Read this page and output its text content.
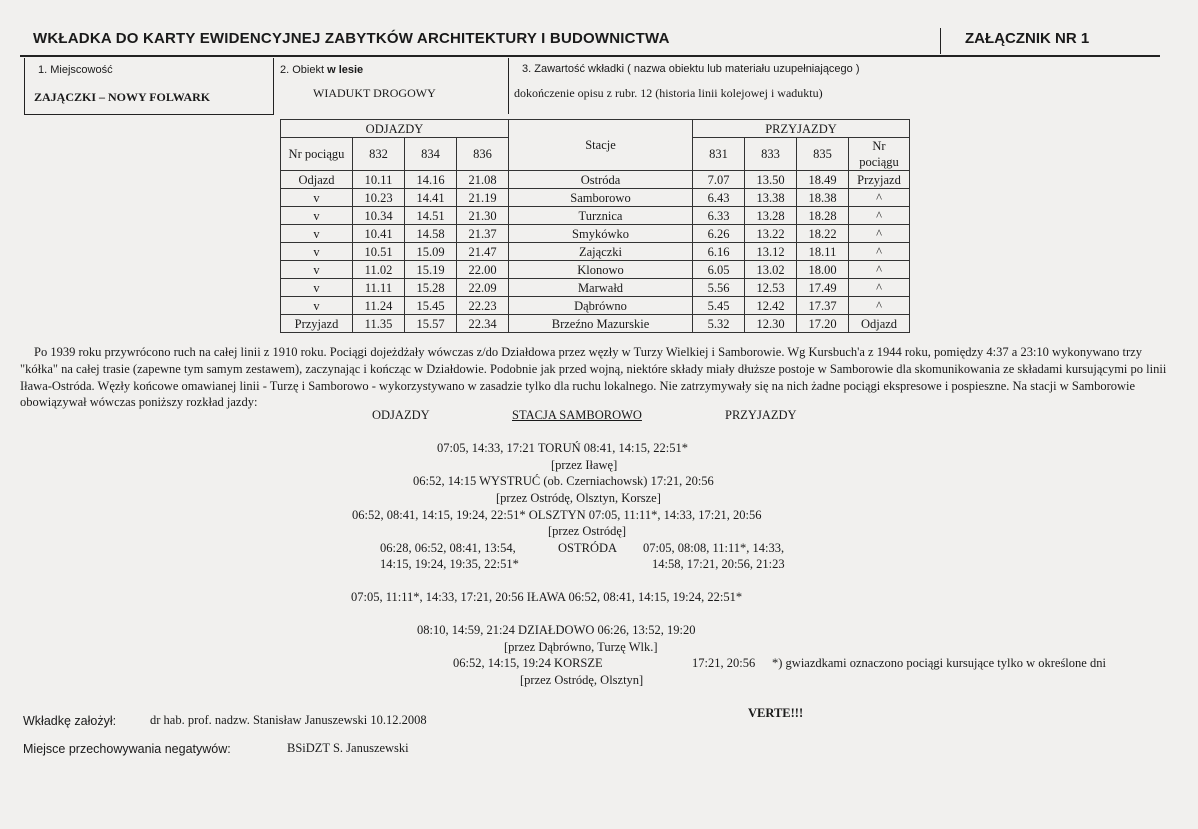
WKŁADKA DO KARTY EWIDENCYJNEJ ZABYTKÓW ARCHITEKTURY I BUDOWNICTWA	ZAŁĄCZNIK NR 1
1. Miejscowość
ZAJĄCZKI – NOWY FOLWARK
2. Obiekt w lesie
WIADUKT DROGOWY
3. Zawartość wkładki ( nazwa obiektu lub materiału uzupełniającego )
dokończenie opisu z rubr. 12 (historia linii kolejowej i waduktu)
ODJAZDY				Stacje	PRZYJAZDY			
Nr pociągu	832	834	836		831	833	835	Nr pociągu
Odjazd	10.11	14.16	21.08	Ostróda	7.07	13.50	18.49	Przyjazd
v	10.23	14.41	21.19	Samborowo	6.43	13.38	18.38	^
v	10.34	14.51	21.30	Turznica	6.33	13.28	18.28	^
v	10.41	14.58	21.37	Smykówko	6.26	13.22	18.22	^
v	10.51	15.09	21.47	Zajączki	6.16	13.12	18.11	^
v	11.02	15.19	22.00	Klonowo	6.05	13.02	18.00	^
v	11.11	15.28	22.09	Marwałd	5.56	12.53	17.49	^
v	11.24	15.45	22.23	Dąbrówno	5.45	12.42	17.37	^
Przyjazd	11.35	15.57	22.34	Brzeźno Mazurskie	5.32	12.30	17.20	Odjazd
Po 1939 roku przywrócono ruch na całej linii z 1910 roku. Pociągi dojeżdżały wówczas z/do Działdowa przez węzły w Turzy Wielkiej i Samborowie. Wg Kursbuch'a z 1944 roku, pomiędzy 4:37 a 23:10 wykonywano trzy "kółka" na całej trasie (zapewne tym samym zestawem), zaczynając i kończąc w Działdowie. Podobnie jak przed wojną, niektóre składy miały dłuższe postoje w Samborowie dla skomunikowania ze składami kursującymi po linii Iława-Ostróda. Węzły końcowe omawianej linii - Turzę i Samborowo - wykorzystywano w zasadzie tylko dla ruchu lokalnego. Nie zatrzymywały się na nich żadne pociągi ekspresowe i pospieszne. Na stacji w Samborowie obowiązywał wówczas poniższy rozkład jazdy:
ODJAZDY	STACJA SAMBOROWO	PRZYJAZDY
07:05, 14:33, 17:21 TORUŃ 08:41, 14:15, 22:51*
[przez Iławę]
06:52, 14:15 WYSTRUĆ (ob. Czerniachowsk) 17:21, 20:56
[przez Ostródę, Olsztyn, Korsze]
06:52, 08:41, 14:15, 19:24, 22:51* OLSZTYN 07:05, 11:11*, 14:33, 17:21, 20:56
[przez Ostródę]
06:28, 06:52, 08:41, 13:54,	OSTRÓDA 07:05, 08:08, 11:11*, 14:33,
14:15, 19:24, 19:35, 22:51*	14:58, 17:21, 20:56, 21:23
07:05, 11:11*, 14:33, 17:21, 20:56 IŁAWA 06:52, 08:41, 14:15, 19:24, 22:51*
08:10, 14:59, 21:24 DZIAŁDOWO 06:26, 13:52, 19:20
[przez Dąbrówno, Turzę Wlk.]
06:52, 14:15, 19:24 KORSZE	17:21, 20:56 *) gwiazdkami oznaczono pociągi kursujące tylko w określone dni
[przez Ostródę, Olsztyn]
VERTE!!!
Wkładkę założył:	dr hab. prof. nadzw. Stanisław Januszewski 10.12.2008
Miejsce przechowywania negatywów:	BSiDZT S. Januszewski
